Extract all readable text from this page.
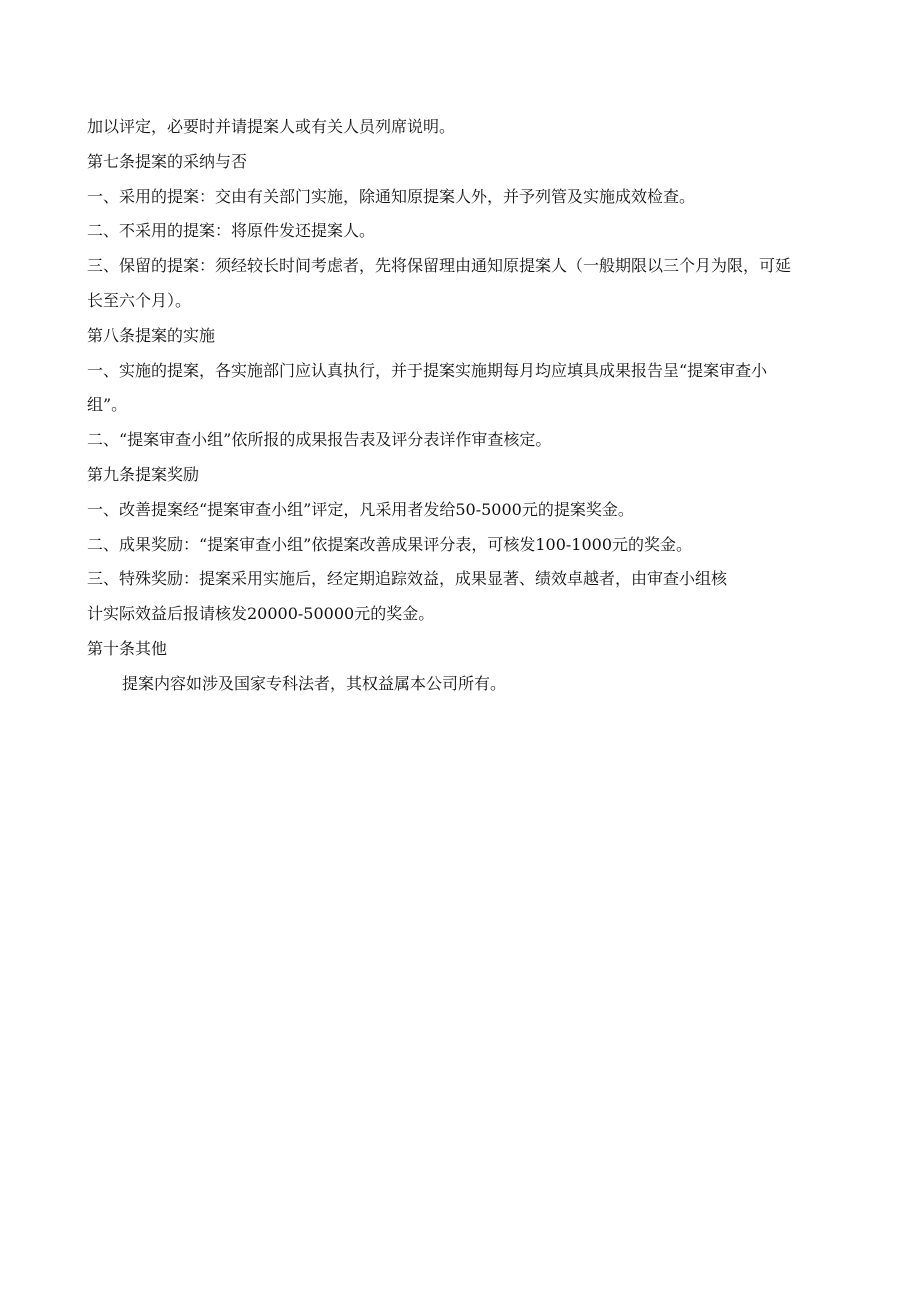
加以评定，必要时并请提案人或有关人员列席说明。
第七条提案的采纳与否
一、采用的提案：交由有关部门实施，除通知原提案人外，并予列管及实施成效检查。
二、不采用的提案：将原件发还提案人。
三、保留的提案：须经较长时间考虑者，先将保留理由通知原提案人（一般期限以三个月为限，可延
长至六个月）。
第八条提案的实施
一、实施的提案，各实施部门应认真执行，并于提案实施期每月均应填具成果报告呈“提案审查小
组”。
二、“提案审查小组”依所报的成果报告表及评分表详作审查核定。
第九条提案奖励
一、改善提案经“提案审查小组”评定，凡采用者发给50-5000元的提案奖金。
二、成果奖励：“提案审查小组”依提案改善成果评分表，可核发100-1000元的奖金。
三、特殊奖励：提案采用实施后，经定期追踪效益，成果显著、绩效卓越者，由审查小组核
计实际效益后报请核发20000-50000元的奖金。
第十条其他
提案内容如涉及国家专科法者，其权益属本公司所有。
